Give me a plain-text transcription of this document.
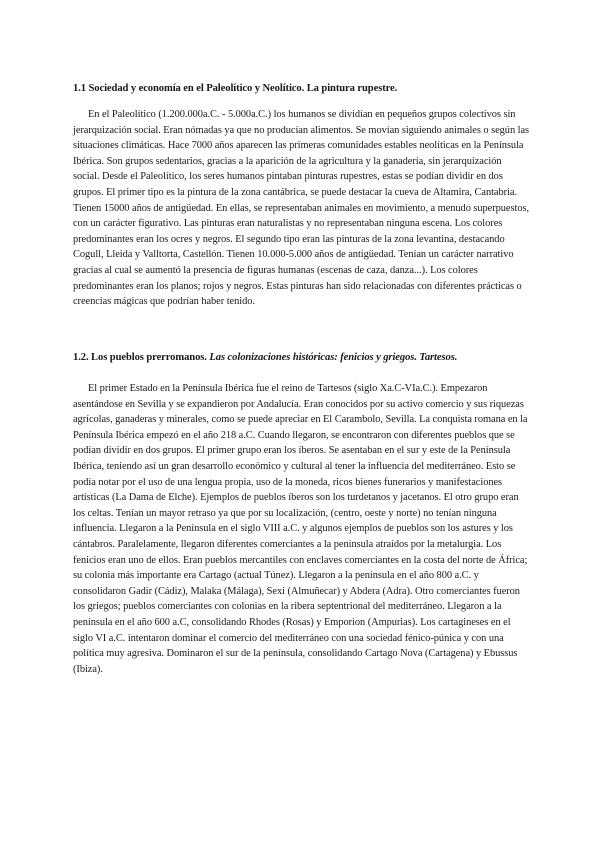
1.1 Sociedad y economía en el Paleolítico y Neolítico. La pintura rupestre.

En el Paleolítico (1.200.000a.C. - 5.000a.C.) los humanos se dividían en pequeños grupos colectivos sin jerarquización social. Eran nómadas ya que no producían alimentos. Se movían siguiendo animales o según las situaciones climáticas. Hace 7000 años aparecen las primeras comunidades estables neolíticas en la Península Ibérica. Son grupos sedentarios, gracias a la aparición de la agricultura y la ganadería, sin jerarquización social. Desde el Paleolítico, los seres humanos pintaban pinturas rupestres, estas se podían dividir en dos grupos. El primer tipo es la pintura de la zona cantábrica, se puede destacar la cueva de Altamira, Cantabria. Tienen 15000 años de antigüedad. En ellas, se representaban animales en movimiento, a menudo superpuestos, con un carácter figurativo. Las pinturas eran naturalistas y no representaban ninguna escena. Los colores predominantes eran los ocres y negros. El segundo tipo eran las pinturas de la zona levantina, destacando Cogull, Lleida y Valltorta, Castellón. Tienen 10.000-5.000 años de antigüedad. Tenían un carácter narrativo gracias al cual se aumentó la presencia de figuras humanas (escenas de caza, danza...). Los colores predominantes eran los planos; rojos y negros. Estas pinturas han sido relacionadas con diferentes prácticas o creencias mágicas que podrían haber tenido.

1.2. Los pueblos prerromanos. Las colonizaciones históricas: fenicios y griegos. Tartesos.

El primer Estado en la Península Ibérica fue el reino de Tartesos (siglo Xa.C-VIa.C.). Empezaron asentándose en Sevilla y se expandieron por Andalucía. Eran conocidos por su activo comercio y sus riquezas agrícolas, ganaderas y minerales, como se puede apreciar en El Carambolo, Sevilla. La conquista romana en la Península Ibérica empezó en el año 218 a.C. Cuando llegaron, se encontraron con diferentes pueblos que se podían dividir en dos grupos. El primer grupo eran los íberos. Se asentaban en el sur y este de la Península Ibérica, teniendo así un gran desarrollo económico y cultural al tener la influencia del mediterráneo. Esto se podía notar por el uso de una lengua propia, uso de la moneda, ricos bienes funerarios y manifestaciones artísticas (La Dama de Elche). Ejemplos de pueblos íberos son los turdetanos y jacetanos. El otro grupo eran los celtas. Tenían un mayor retraso ya que por su localización, (centro, oeste y norte) no tenían ninguna influencia. Llegaron a la Península en el siglo VIII a.C. y algunos ejemplos de pueblos son los astures y los cántabros. Paralelamente, llegaron diferentes comerciantes a la península atraídos por la metalurgia. Los fenicios eran uno de ellos. Eran pueblos mercantiles con enclaves comerciantes en la costa del norte de África; su colonia más importante era Cartago (actual Túnez). Llegaron a la península en el año 800 a.C. y consolidaron Gadir (Cádiz), Malaka (Málaga), Sexi (Almuñecar) y Abdera (Adra). Otro comerciantes fueron los griegos; pueblos comerciantes con colonias en la ribera septentrional del mediterráneo. Llegaron a la península en el año 600 a.C, consolidando Rhodes (Rosas) y Emporion (Ampurias). Los cartagineses en el siglo VI a.C. intentaron dominar el comercio del mediterráneo con una sociedad fénico-púnica y con una política muy agresiva. Dominaron el sur de la península, consolidando Cartago Nova (Cartagena) y Ebussus (Ibiza).
